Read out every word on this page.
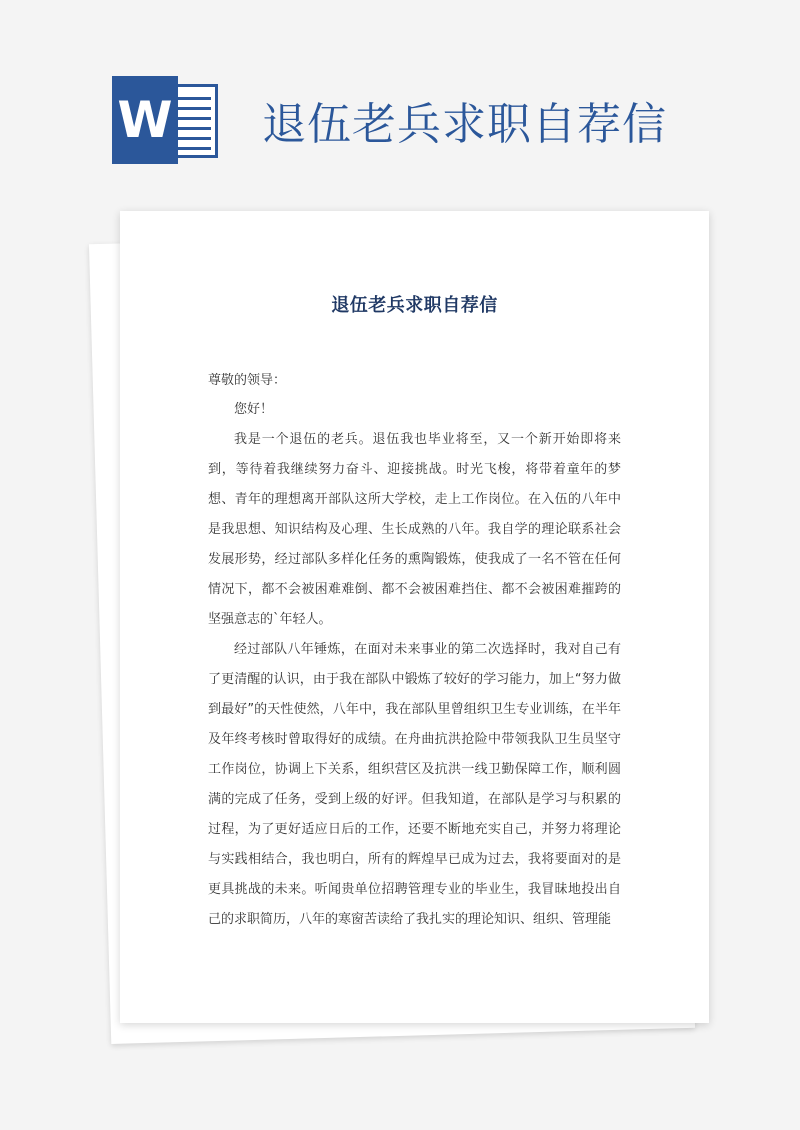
W 退伍老兵求职自荐信
退伍老兵求职自荐信

尊敬的领导：

您好！

我是一个退伍的老兵。退伍我也毕业将至，又一个新开始即将来到，等待着我继续努力奋斗、迎接挑战。时光飞梭，将带着童年的梦想、青年的理想离开部队这所大学校，走上工作岗位。在入伍的八年中是我思想、知识结构及心理、生长成熟的八年。我自学的理论联系社会发展形势，经过部队多样化任务的熏陶锻炼，使我成了一名不管在任何情况下，都不会被困难难倒、都不会被困难挡住、都不会被困难摧跨的坚强意志的`年轻人。

经过部队八年锤炼，在面对未来事业的第二次选择时，我对自己有了更清醒的认识，由于我在部队中锻炼了较好的学习能力，加上“努力做到最好”的天性使然，八年中，我在部队里曾组织卫生专业训练，在半年及年终考核时曾取得好的成绩。在舟曲抗洪抢险中带领我队卫生员坚守工作岗位，协调上下关系，组织营区及抗洪一线卫勤保障工作，顺利圆满的完成了任务，受到上级的好评。但我知道，在部队是学习与积累的过程，为了更好适应日后的工作，还要不断地充实自己，并努力将理论与实践相结合，我也明白，所有的辉煌早已成为过去，我将要面对的是更具挑战的未来。听闻贵单位招聘管理专业的毕业生，我冒昧地投出自己的求职简历，八年的寒窗苦读给了我扎实的理论知识、组织、管理能
